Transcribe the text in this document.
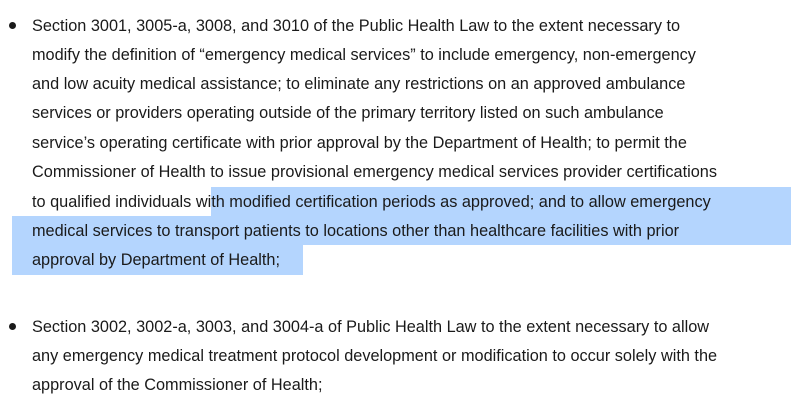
Section 3001, 3005-a, 3008, and 3010 of the Public Health Law to the extent necessary to
modify the definition of “emergency medical services” to include emergency, non-emergency
and low acuity medical assistance; to eliminate any restrictions on an approved ambulance
services or providers operating outside of the primary territory listed on such ambulance
service’s operating certificate with prior approval by the Department of Health; to permit the
Commissioner of Health to issue provisional emergency medical services provider certifications
to qualified individuals with modified certification periods as approved; and to allow emergency
medical services to transport patients to locations other than healthcare facilities with prior
approval by Department of Health;
Section 3002, 3002-a, 3003, and 3004-a of Public Health Law to the extent necessary to allow
any emergency medical treatment protocol development or modification to occur solely with the
approval of the Commissioner of Health;
